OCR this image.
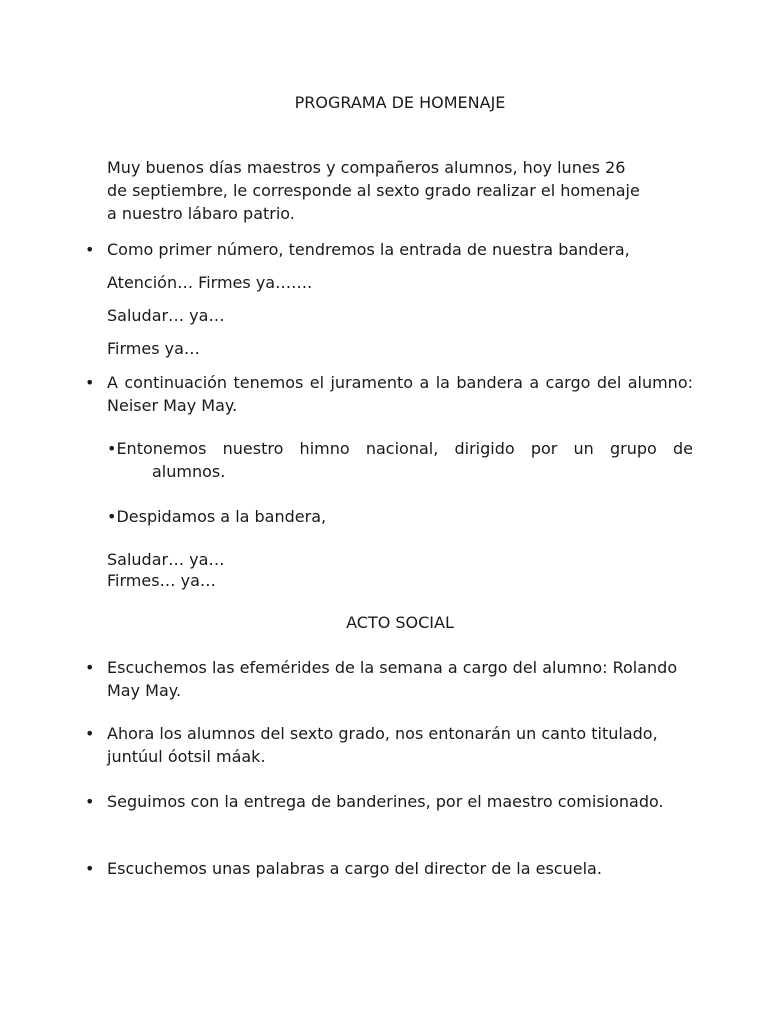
PROGRAMA DE HOMENAJE
Muy buenos días maestros y compañeros alumnos, hoy lunes 26
de septiembre, le corresponde al sexto grado realizar el homenaje
a nuestro lábaro patrio.
• Como primer número, tendremos la entrada de nuestra bandera,
Atención… Firmes ya…….
Saludar… ya…
Firmes ya…
• A continuación tenemos el juramento a la bandera a cargo del alumno: Neiser May May.
•Entonemos nuestro himno nacional, dirigido por un grupo de
alumnos.
•Despidamos a la bandera,
Saludar… ya…
Firmes… ya…
ACTO SOCIAL
• Escuchemos las efemérides de la semana a cargo del alumno: Rolando May May.
• Ahora los alumnos del sexto grado, nos entonarán un canto titulado, juntúul óotsil máak.
• Seguimos con la entrega de banderines, por el maestro comisionado.
• Escuchemos unas palabras a cargo del director de la escuela.
